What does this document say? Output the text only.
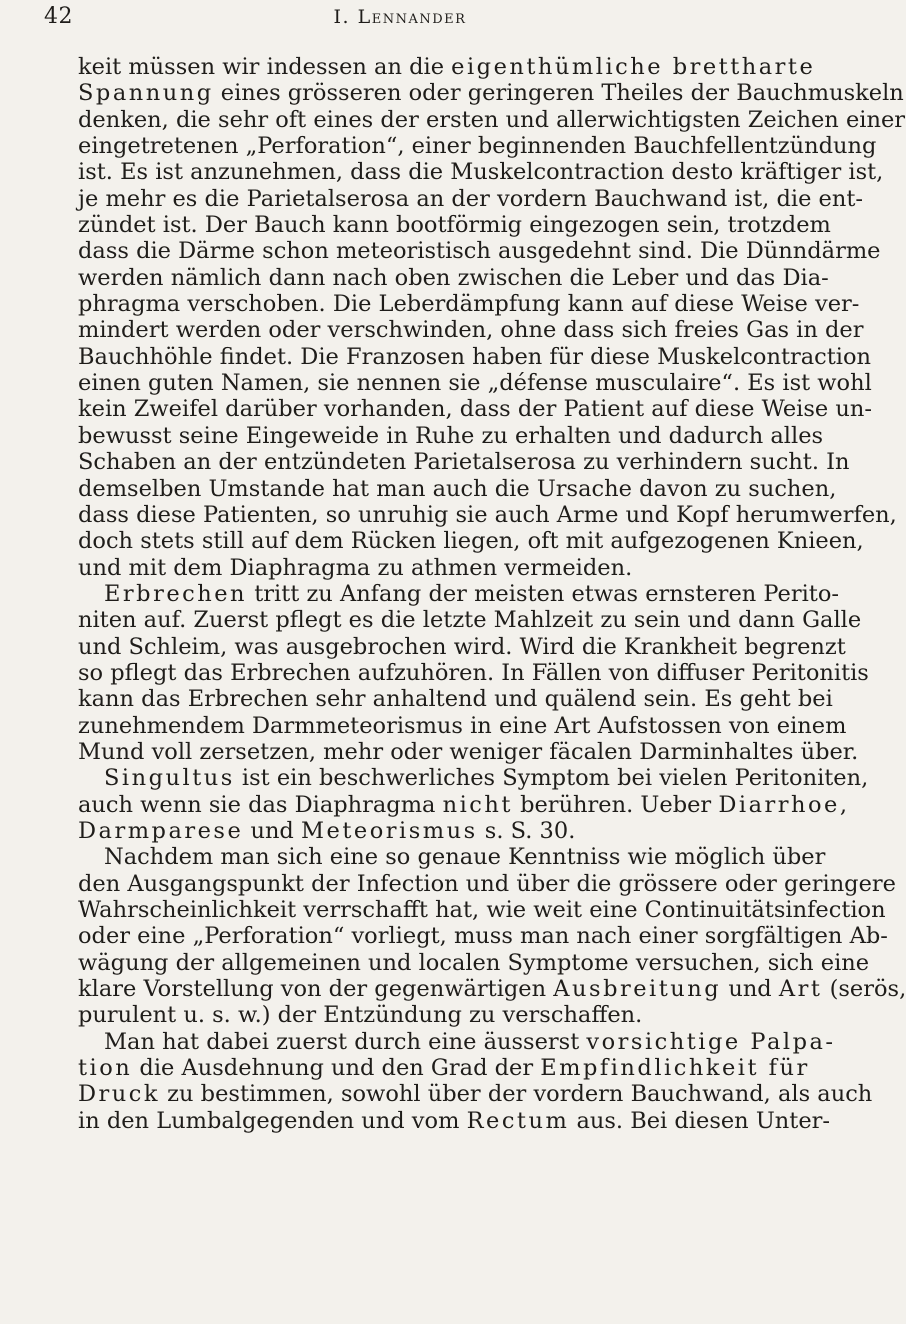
42	I. Lennander
keit müssen wir indessen an die eigenthümliche brettharte
Spannung eines grösseren oder geringeren Theiles der Bauchmuskeln
denken, die sehr oft eines der ersten und allerwichtigsten Zeichen einer
eingetretenen „Perforation“, einer beginnenden Bauchfellentzündung
ist. Es ist anzunehmen, dass die Muskelcontraction desto kräftiger ist,
je mehr es die Parietalserosa an der vordern Bauchwand ist, die ent-
zündet ist. Der Bauch kann bootförmig eingezogen sein, trotzdem
dass die Därme schon meteoristisch ausgedehnt sind. Die Dünndärme
werden nämlich dann nach oben zwischen die Leber und das Dia-
phragma verschoben. Die Leberdämpfung kann auf diese Weise ver-
mindert werden oder verschwinden, ohne dass sich freies Gas in der
Bauchhöhle findet. Die Franzosen haben für diese Muskelcontraction
einen guten Namen, sie nennen sie „défense musculaire“. Es ist wohl
kein Zweifel darüber vorhanden, dass der Patient auf diese Weise un-
bewusst seine Eingeweide in Ruhe zu erhalten und dadurch alles
Schaben an der entzündeten Parietalserosa zu verhindern sucht. In
demselben Umstande hat man auch die Ursache davon zu suchen,
dass diese Patienten, so unruhig sie auch Arme und Kopf herumwerfen,
doch stets still auf dem Rücken liegen, oft mit aufgezogenen Knieen,
und mit dem Diaphragma zu athmen vermeiden.
Erbrechen tritt zu Anfang der meisten etwas ernsteren Perito-
niten auf. Zuerst pflegt es die letzte Mahlzeit zu sein und dann Galle
und Schleim, was ausgebrochen wird. Wird die Krankheit begrenzt
so pflegt das Erbrechen aufzuhören. In Fällen von diffuser Peritonitis
kann das Erbrechen sehr anhaltend und quälend sein. Es geht bei
zunehmendem Darmmeteorismus in eine Art Aufstossen von einem
Mund voll zersetzen, mehr oder weniger fäcalen Darminhaltes über.
Singultus ist ein beschwerliches Symptom bei vielen Peritoniten,
auch wenn sie das Diaphragma nicht berühren. Ueber Diarrhoe,
Darmparese und Meteorismus s. S. 30.
Nachdem man sich eine so genaue Kenntniss wie möglich über
den Ausgangspunkt der Infection und über die grössere oder geringere
Wahrscheinlichkeit verrschafft hat, wie weit eine Continuitätsinfection
oder eine „Perforation“ vorliegt, muss man nach einer sorgfältigen Ab-
wägung der allgemeinen und localen Symptome versuchen, sich eine
klare Vorstellung von der gegenwärtigen Ausbreitung und Art (serös,
purulent u. s. w.) der Entzündung zu verschaffen.
Man hat dabei zuerst durch eine äusserst vorsichtige Palpa-
tion die Ausdehnung und den Grad der Empfindlichkeit für
Druck zu bestimmen, sowohl über der vordern Bauchwand, als auch
in den Lumbalgegenden und vom Rectum aus. Bei diesen Unter-
